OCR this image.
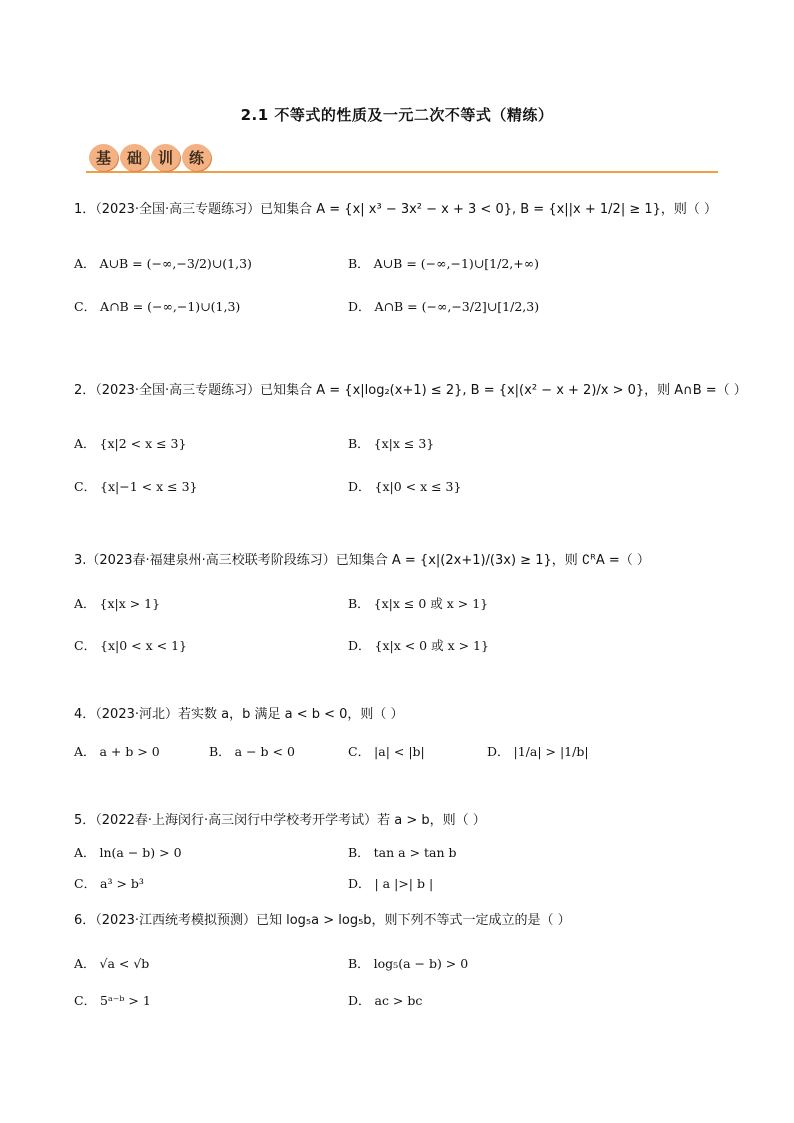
2.1 不等式的性质及一元二次不等式（精练）
基	础	训	练
1．（2023·全国·高三专题练习）已知集合 A = {x| x³ − 3x² − x + 3 < 0}, B = {x||x + 1/2| ≥ 1}，则（ ）
A． A∪B = (−∞,−3/2)∪(1,3)	B． A∪B = (−∞,−1)∪[1/2,+∞)
C． A∩B = (−∞,−1)∪(1,3)	D． A∩B = (−∞,−3/2]∪[1/2,3)
2．（2023·全国·高三专题练习）已知集合 A = {x|log₂(x+1) ≤ 2}, B = {x|(x² − x + 2)/x > 0}，则 A∩B =（ ）
A． {x|2 < x ≤ 3}	B． {x|x ≤ 3}
C． {x|−1 < x ≤ 3}	D． {x|0 < x ≤ 3}
3.（2023春·福建泉州·高三校联考阶段练习）已知集合 A = {x|(2x+1)/(3x) ≥ 1}，则 ∁ᴿA =（ ）
A． {x|x > 1}	B． {x|x ≤ 0 或 x > 1}
C． {x|0 < x < 1}	D． {x|x < 0 或 x > 1}
4．（2023·河北）若实数 a，b 满足 a < b < 0，则（ ）
A． a + b > 0	B． a − b < 0	C． |a| < |b|	D． |1/a| > |1/b|
5．（2022春·上海闵行·高三闵行中学校考开学考试）若 a > b，则（ ）
A． ln(a − b) > 0	B． tan a > tan b
C． a³ > b³	D． | a |>| b |
6．（2023·江西统考模拟预测）已知 log₅a > log₅b，则下列不等式一定成立的是（ ）
A． √a < √b	B． log₅(a − b) > 0
C． 5ᵃ⁻ᵇ > 1	D． ac > bc
